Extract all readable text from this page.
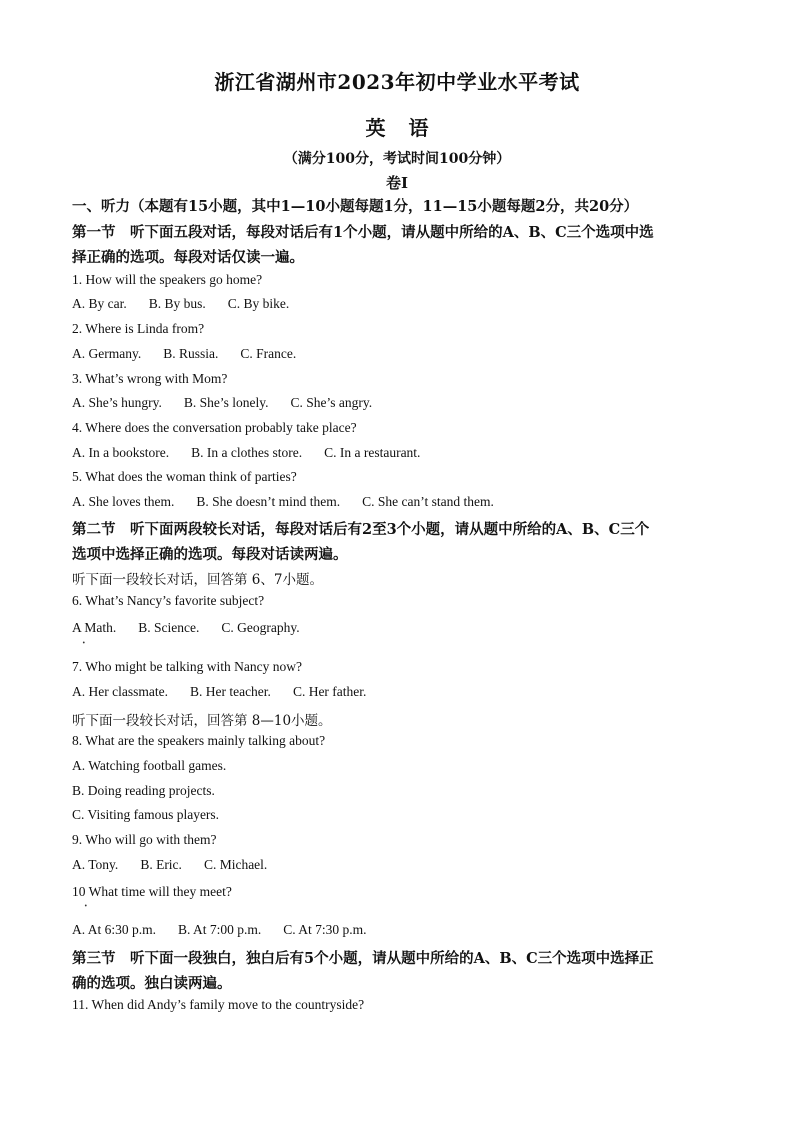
浙江省湖州市2023年初中学业水平考试
英 语
（满分100分，考试时间100分钟）
卷Ⅰ
一、听力（本题有15小题，其中1—10小题每题1分，11—15小题每题2分，共20分）
第一节　听下面五段对话，每段对话后有1个小题，请从题中所给的A、B、C三个选项中选
择正确的选项。每段对话仅读一遍。
1. How will the speakers go home?
A. By car. B. By bus. C. By bike.
2. Where is Linda from?
A. Germany. B. Russia. C. France.
3. What’s wrong with Mom?
A. She’s hungry. B. She’s lonely. C. She’s angry.
4. Where does the conversation probably take place?
A. In a bookstore. B. In a clothes store. C. In a restaurant.
5. What does the woman think of parties?
A. She loves them. B. She doesn’t mind them. C. She can’t stand them.
第二节　听下面两段较长对话，每段对话后有2至3个小题，请从题中所给的A、B、C三个
选项中选择正确的选项。每段对话读两遍。
听下面一段较长对话，回答第 6、7小题。
6. What’s Nancy’s favorite subject?
A Math. B. Science. C. Geography.
•
7. Who might be talking with Nancy now?
A. Her classmate. B. Her teacher. C. Her father.
听下面一段较长对话，回答第 8—10小题。
8. What are the speakers mainly talking about?
A. Watching football games.
B. Doing reading projects.
C. Visiting famous players.
9. Who will go with them?
A. Tony. B. Eric. C. Michael.
10 What time will they meet?
•
A. At 6:30 p.m. B. At 7:00 p.m. C. At 7:30 p.m.
第三节　听下面一段独白，独白后有5个小题，请从题中所给的A、B、C三个选项中选择正
确的选项。独白读两遍。
11. When did Andy’s family move to the countryside?
